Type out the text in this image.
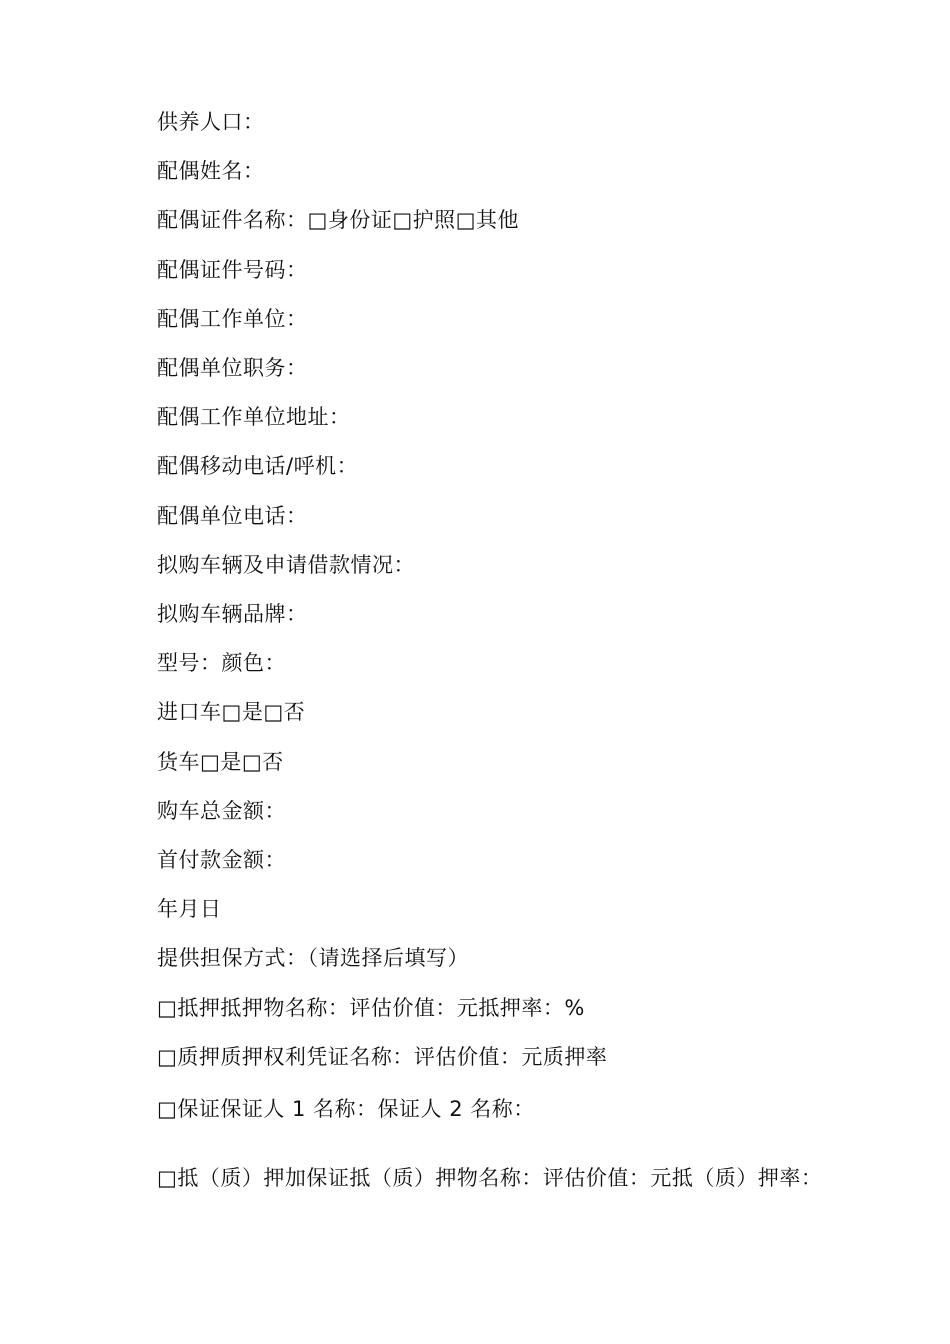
供养人口：
配偶姓名：
配偶证件名称：□身份证□护照□其他
配偶证件号码：
配偶工作单位：
配偶单位职务：
配偶工作单位地址：
配偶移动电话/呼机：
配偶单位电话：
拟购车辆及申请借款情况：
拟购车辆品牌：
型号：颜色：
进口车□是□否
货车□是□否
购车总金额：
首付款金额：
年月日
提供担保方式：（请选择后填写）
□抵押抵押物名称：评估价值：元抵押率：%
□质押质押权利凭证名称：评估价值：元质押率
□保证保证人 1 名称：保证人 2 名称：
□抵（质）押加保证抵（质）押物名称：评估价值：元抵（质）押率：
